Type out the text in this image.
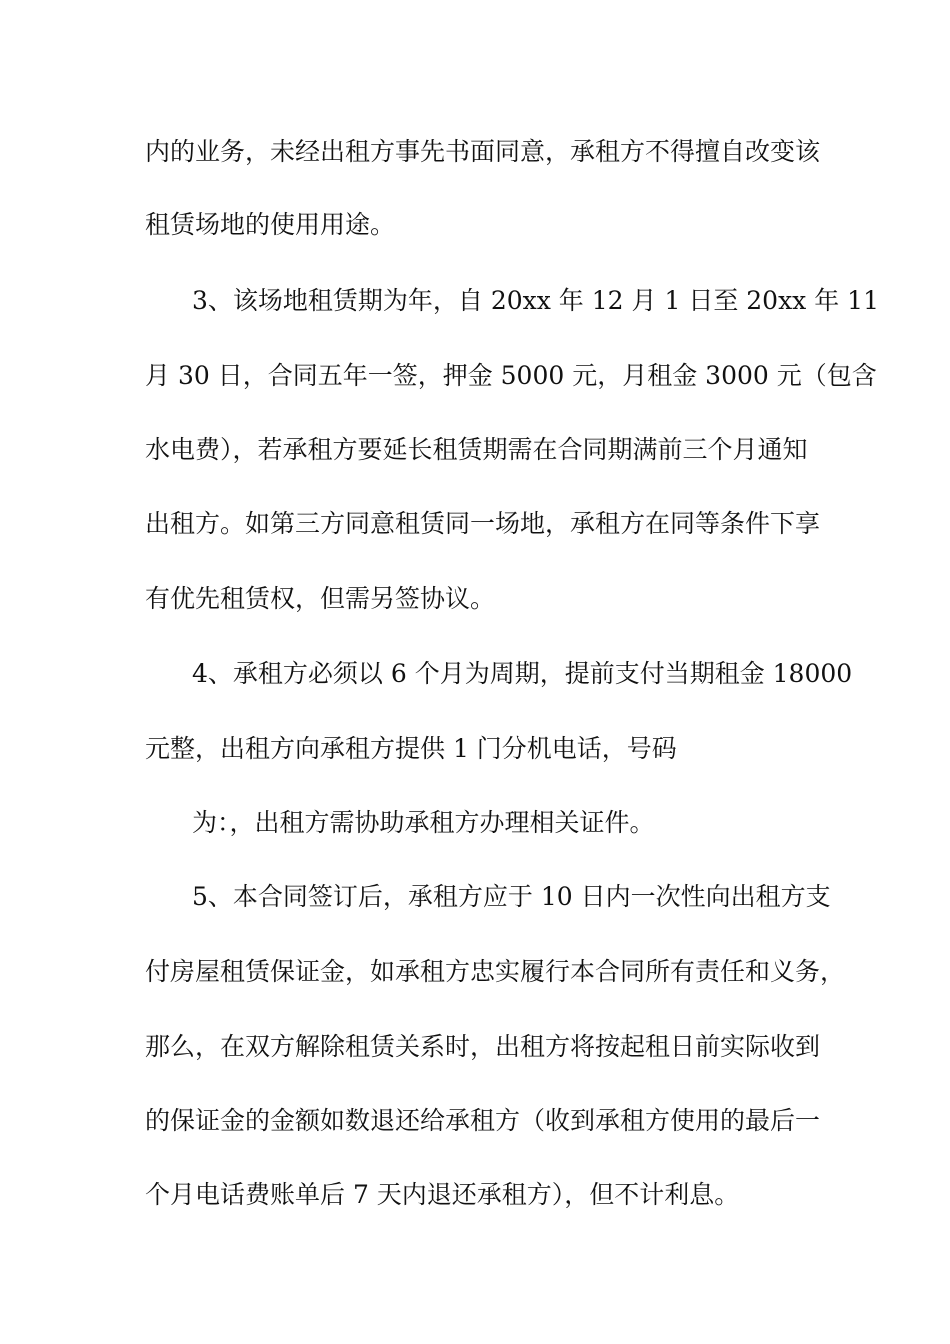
内的业务，未经出租方事先书面同意，承租方不得擅自改变该
租赁场地的使用用途。
3、该场地租赁期为年，自 20xx 年 12 月 1 日至 20xx 年 11
月 30 日，合同五年一签，押金 5000 元，月租金 3000 元（包含
水电费），若承租方要延长租赁期需在合同期满前三个月通知
出租方。如第三方同意租赁同一场地，承租方在同等条件下享
有优先租赁权，但需另签协议。
4、承租方必须以 6 个月为周期，提前支付当期租金 18000
元整，出租方向承租方提供 1 门分机电话，号码
为：，出租方需协助承租方办理相关证件。
5、本合同签订后，承租方应于 10 日内一次性向出租方支
付房屋租赁保证金，如承租方忠实履行本合同所有责任和义务，
那么，在双方解除租赁关系时，出租方将按起租日前实际收到
的保证金的金额如数退还给承租方（收到承租方使用的最后一
个月电话费账单后 7 天内退还承租方），但不计利息。
